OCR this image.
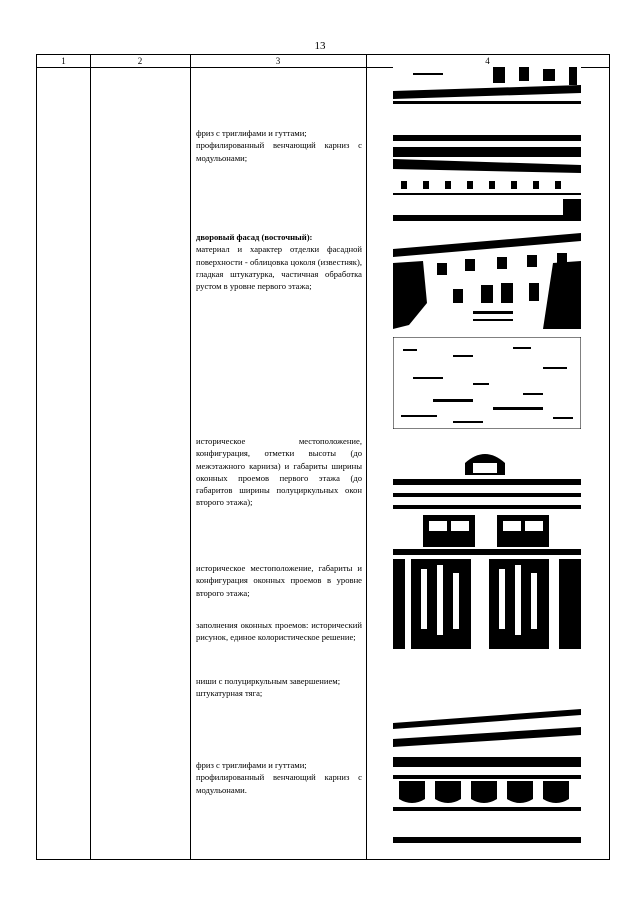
13
1	2	3	4

фриз с триглифами и гуттами;

профилированный венчающий карниз с модульонами;

дворовый фасад (восточный):

материал и характер отделки фасадной поверхности - облицовка цоколя (известняк), гладкая штукатурка, частичная обработка рустом в уровне первого этажа;

историческое местоположение, конфигурация, отметки высоты (до межэтажного карниза) и габариты ширины оконных проемов первого этажа (до габаритов ширины полуциркульных окон второго этажа);

историческое местоположение, габариты и конфигурация оконных проемов в уровне второго этажа;

заполнения оконных проемов: исторический рисунок, единое колористическое решение;

ниши с полуциркульным завершением;

штукатурная тяга;

фриз с триглифами и гуттами;

профилированный венчающий карниз с модульонами.
